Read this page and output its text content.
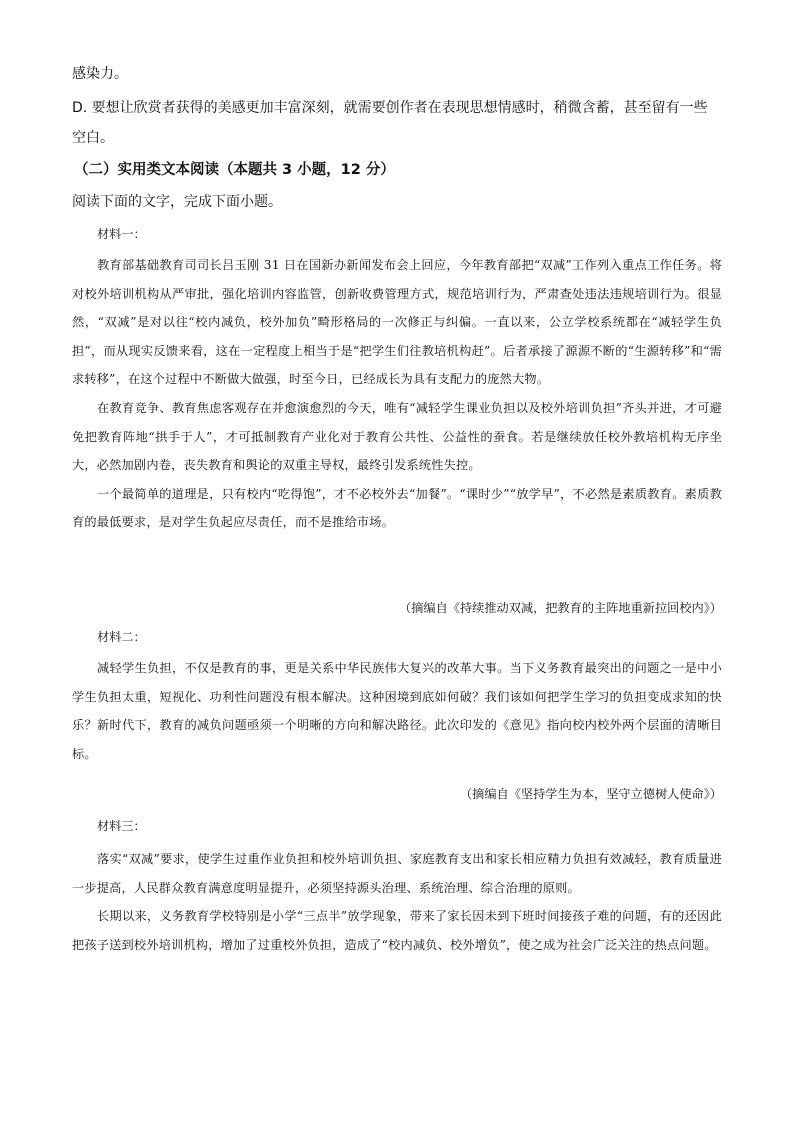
感染力。
D. 要想让欣赏者获得的美感更加丰富深刻，就需要创作者在表现思想情感时，稍微含蓄，甚至留有一些
空白。
（二）实用类文本阅读（本题共 3 小题，12 分）
阅读下面的文字，完成下面小题。
材料一：

教育部基础教育司司长吕玉刚 31 日在国新办新闻发布会上回应，今年教育部把“双减”工作列入重点工作任务。将对校外培训机构从严审批，强化培训内容监管，创新收费管理方式，规范培训行为，严肃查处违法违规培训行为。很显然，“双减”是对以往“校内减负，校外加负”畸形格局的一次修正与纠偏。一直以来，公立学校系统都在“减轻学生负担”，而从现实反馈来看，这在一定程度上相当于是“把学生们往教培机构赶”。后者承接了源源不断的“生源转移”和“需求转移”，在这个过程中不断做大做强，时至今日，已经成长为具有支配力的庞然大物。

在教育竞争、教育焦虑客观存在并愈演愈烈的今天，唯有“减轻学生课业负担以及校外培训负担”齐头并进，才可避免把教育阵地“拱手于人”，才可抵制教育产业化对于教育公共性、公益性的蚕食。若是继续放任校外教培机构无序坐大，必然加剧内卷，丧失教育和舆论的双重主导权，最终引发系统性失控。

一个最简单的道理是，只有校内“吃得饱”，才不必校外去“加餐”。“课时少”“放学早”，不必然是素质教育。素质教育的最低要求，是对学生负起应尽责任，而不是推给市场。

（摘编自《持续推动双减，把教育的主阵地重新拉回校内》）
材料二：

减轻学生负担，不仅是教育的事，更是关系中华民族伟大复兴的改革大事。当下义务教育最突出的问题之一是中小学生负担太重，短视化、功利性问题没有根本解决。这种困境到底如何破？我们该如何把学生学习的负担变成求知的快乐？新时代下，教育的减负问题亟须一个明晰的方向和解决路径。此次印发的《意见》指向校内校外两个层面的清晰目标。

（摘编自《坚持学生为本，坚守立德树人使命》）
材料三：

落实“双减”要求，使学生过重作业负担和校外培训负担、家庭教育支出和家长相应精力负担有效减轻，教育质量进一步提高，人民群众教育满意度明显提升，必须坚持源头治理、系统治理、综合治理的原则。

长期以来，义务教育学校特别是小学“三点半”放学现象，带来了家长因未到下班时间接孩子难的问题，有的还因此把孩子送到校外培训机构，增加了过重校外负担，造成了“校内减负、校外增负”，使之成为社会广泛关注的热点问题。
